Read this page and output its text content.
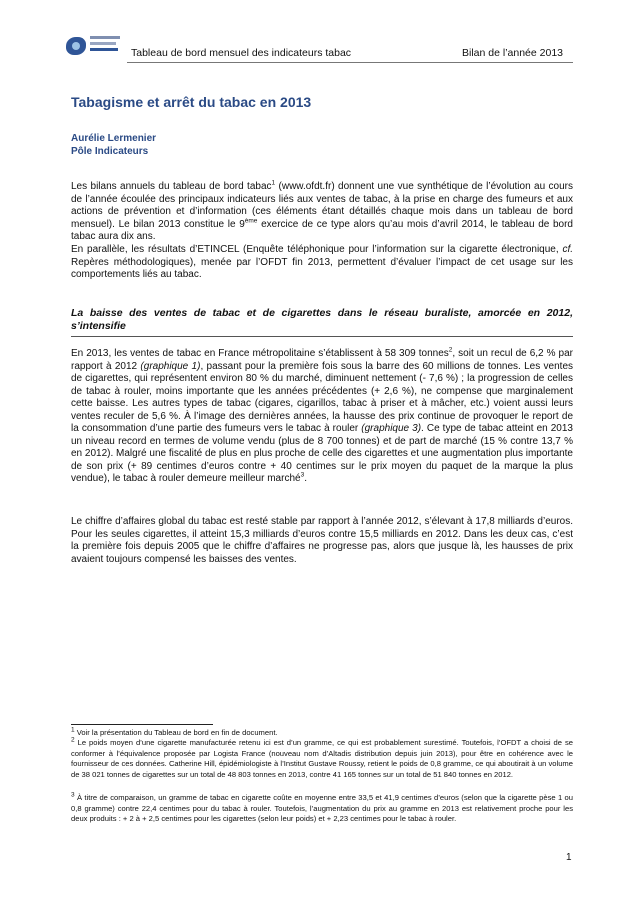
Tableau de bord mensuel des indicateurs tabac	Bilan de l’année 2013
Tabagisme et arrêt du tabac en 2013
Aurélie Lermenier
Pôle Indicateurs

Les bilans annuels du tableau de bord tabac$^1$ (www.ofdt.fr) donnent une vue synthétique de l’évolution au cours de l’année écoulée des principaux indicateurs liés aux ventes de tabac, à la prise en charge des fumeurs et aux actions de prévention et d’information (ces éléments étant détaillés chaque mois dans un tableau de bord mensuel). Le bilan 2013 constitue le 9ème exercice de ce type alors qu’au mois d’avril 2014, le tableau de bord tabac aura dix ans.

En parallèle, les résultats d’ETINCEL (Enquête téléphonique pour l’information sur la cigarette électronique, cf. Repères méthodologiques), menée par l’OFDT fin 2013, permettent d’évaluer l’impact de cet usage sur les comportements liés au tabac.

La baisse des ventes de tabac et de cigarettes dans le réseau buraliste, amorcée en 2012, s’intensifie

En 2013, les ventes de tabac en France métropolitaine s’établissent à 58 309 tonnes$^2$, soit un recul de 6,2 % par rapport à 2012 (graphique 1), passant pour la première fois sous la barre des 60 millions de tonnes. Les ventes de cigarettes, qui représentent environ 80 % du marché, diminuent nettement (- 7,6 %) ; la progression de celles de tabac à rouler, moins importante que les années précédentes (+ 2,6 %), ne compense que marginalement cette baisse. Les autres types de tabac (cigares, cigarillos, tabac à priser et à mâcher, etc.) voient aussi leurs ventes reculer de 5,6 %. À l’image des dernières années, la hausse des prix continue de provoquer le report de la consommation d’une partie des fumeurs vers le tabac à rouler (graphique 3). Ce type de tabac atteint en 2013 un niveau record en termes de volume vendu (plus de 8 700 tonnes) et de part de marché (15 % contre 13,7 % en 2012). Malgré une fiscalité de plus en plus proche de celle des cigarettes et une augmentation plus importante de son prix (+ 89 centimes d’euros contre + 40 centimes sur le prix moyen du paquet de la marque la plus vendue), le tabac à rouler demeure meilleur marché$^3$.

Le chiffre d’affaires global du tabac est resté stable par rapport à l’année 2012, s’élevant à 17,8 milliards d’euros. Pour les seules cigarettes, il atteint 15,3 milliards d’euros contre 15,5 milliards en 2012. Dans les deux cas, c’est la première fois depuis 2005 que le chiffre d’affaires ne progresse pas, alors que jusque là, les hausses de prix avaient toujours compensé les baisses des ventes.

$^1$ Voir la présentation du Tableau de bord en fin de document.

$^2$ Le poids moyen d’une cigarette manufacturée retenu ici est d’un gramme, ce qui est probablement surestimé. Toutefois, l’OFDT a choisi de se conformer à l’équivalence proposée par Logista France (nouveau nom d’Altadis distribution depuis juin 2013), pour être en cohérence avec le fournisseur de ces données. Catherine Hill, épidémiologiste à l’Institut Gustave Roussy, retient le poids de 0,8 gramme, ce qui aboutirait à un volume de 38 021 tonnes de cigarettes sur un total de 48 803 tonnes en 2013, contre 41 165 tonnes sur un total de 51 840 tonnes en 2012.

$^3$ À titre de comparaison, un gramme de tabac en cigarette coûte en moyenne entre 33,5 et 41,9 centimes d’euros (selon que la cigarette pèse 1 ou 0,8 gramme) contre 22,4 centimes pour du tabac à rouler. Toutefois, l’augmentation du prix au gramme en 2013 est relativement proche pour les deux produits : + 2 à + 2,5 centimes pour les cigarettes (selon leur poids) et + 2,23 centimes pour le tabac à rouler.

1
